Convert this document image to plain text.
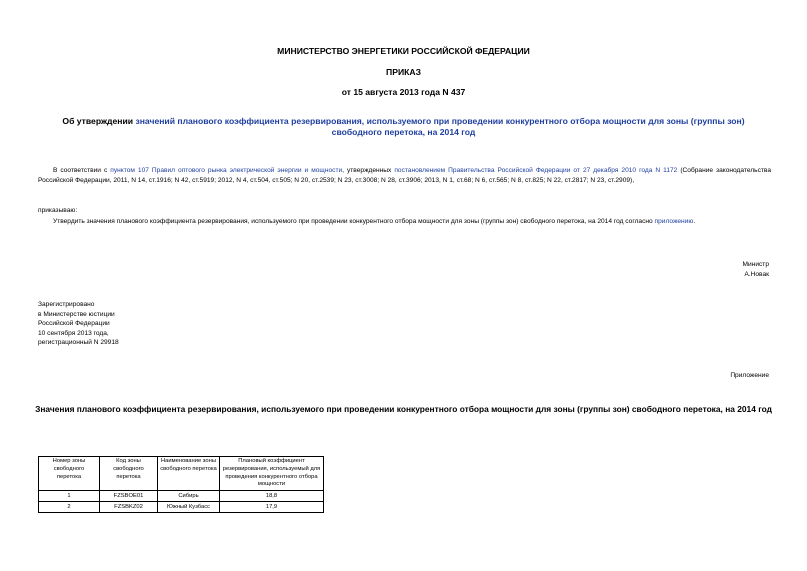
МИНИСТЕРСТВО ЭНЕРГЕТИКИ РОССИЙСКОЙ ФЕДЕРАЦИИ
ПРИКАЗ
от 15 августа 2013 года N 437
Об утверждении значений планового коэффициента резервирования, используемого при проведении конкурентного отбора мощности для зоны (группы зон) свободного перетока, на 2014 год
В соответствии с пунктом 107 Правил оптового рынка электрической энергии и мощности, утвержденных постановлением Правительства Российской Федерации от 27 декабря 2010 года N 1172 (Собрание законодательства Российской Федерации, 2011, N 14, ст.1916; N 42, ст.5919; 2012, N 4, ст.504, ст.505; N 20, ст.2539; N 23, ст.3008; N 28, ст.3906; 2013, N 1, ст.68; N 6, ст.565; N 8, ст.825; N 22, ст.2817; N 23, ст.2909),
приказываю:
Утвердить значения планового коэффициента резервирования, используемого при проведении конкурентного отбора мощности для зоны (группы зон) свободного перетока, на 2014 год согласно приложению.
Министр
А.Новак
Зарегистрировано
в Министерстве юстиции
Российской Федерации
10 сентября 2013 года,
регистрационный N 29918
Приложение
Значения планового коэффициента резервирования, используемого при проведении конкурентного отбора мощности для зоны (группы зон) свободного перетока, на 2014 год
Номер зоны свободного перетока	Код зоны свободного перетока	Наименование зоны свободного перетока	Плановый коэффициент резервирования, используемый для проведения конкурентного отбора мощности
1	FZSBOE01	Сибирь	18,8
2	FZSBKZ02	Южный Кузбасс	17,9
